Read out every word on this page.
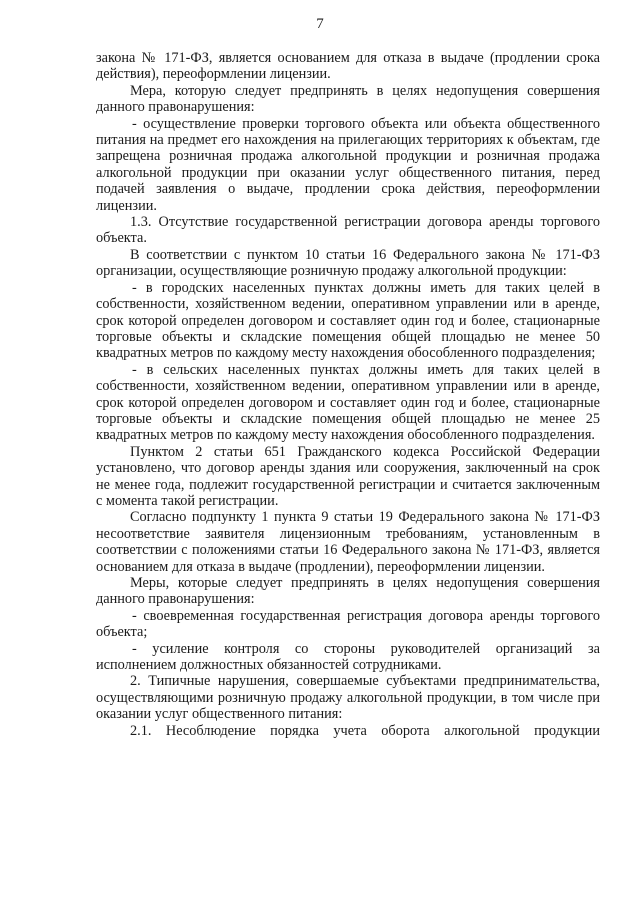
7

закона № 171-ФЗ, является основанием для отказа в выдаче (продлении срока действия), переоформлении лицензии.

Мера, которую следует предпринять в целях недопущения совершения данного правонарушения:

- осуществление проверки торгового объекта или объекта общественного питания на предмет его нахождения на прилегающих территориях к объектам, где запрещена розничная продажа алкогольной продукции и розничная продажа алкогольной продукции при оказании услуг общественного питания, перед подачей заявления о выдаче, продлении срока действия, переоформлении лицензии.

1.3. Отсутствие государственной регистрации договора аренды торгового объекта.

В соответствии с пунктом 10 статьи 16 Федерального закона № 171-ФЗ организации, осуществляющие розничную продажу алкогольной продукции:

- в городских населенных пунктах должны иметь для таких целей в собственности, хозяйственном ведении, оперативном управлении или в аренде, срок которой определен договором и составляет один год и более, стационарные торговые объекты и складские помещения общей площадью не менее 50 квадратных метров по каждому месту нахождения обособленного подразделения;

- в сельских населенных пунктах должны иметь для таких целей в собственности, хозяйственном ведении, оперативном управлении или в аренде, срок которой определен договором и составляет один год и более, стационарные торговые объекты и складские помещения общей площадью не менее 25 квадратных метров по каждому месту нахождения обособленного подразделения.

Пунктом 2 статьи 651 Гражданского кодекса Российской Федерации установлено, что договор аренды здания или сооружения, заключенный на срок не менее года, подлежит государственной регистрации и считается заключенным с момента такой регистрации.

Согласно подпункту 1 пункта 9 статьи 19 Федерального закона № 171-ФЗ несоответствие заявителя лицензионным требованиям, установленным в соответствии с положениями статьи 16 Федерального закона № 171-ФЗ, является основанием для отказа в выдаче (продлении), переоформлении лицензии.

Меры, которые следует предпринять в целях недопущения совершения данного правонарушения:

- своевременная государственная регистрация договора аренды торгового объекта;

- усиление контроля со стороны руководителей организаций за исполнением должностных обязанностей сотрудниками.

2. Типичные нарушения, совершаемые субъектами предпринимательства, осуществляющими розничную продажу алкогольной продукции, в том числе при оказании услуг общественного питания:

2.1. Несоблюдение порядка учета оборота алкогольной продукции
